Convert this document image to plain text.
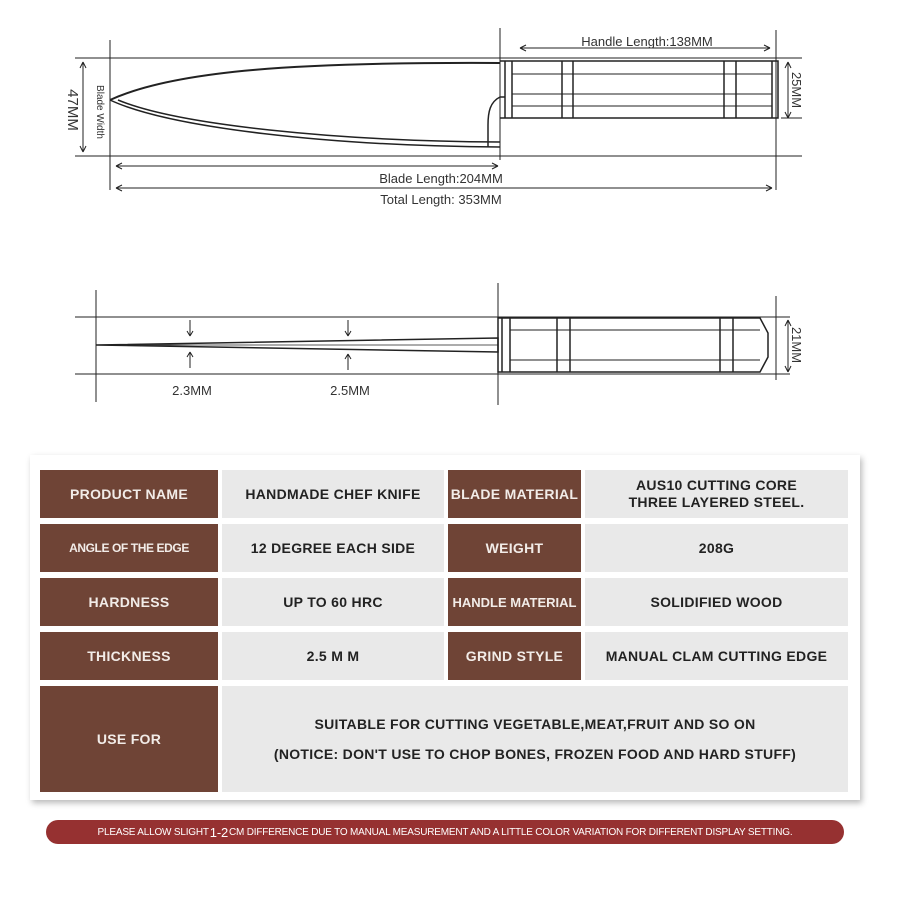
Handle Length:138MM
Blade Length:204MM
Total Length: 353MM
47MM Blade Width	25MM
21MM
2.3MM	2.5MM
PRODUCT NAME	HANDMADE CHEF KNIFE	BLADE MATERIAL
AUS10 CUTTING CORE
THREE LAYERED STEEL.
ANGLE OF THE EDGE	12 DEGREE EACH SIDE	WEIGHT	208G
HARDNESS	UP TO 60 HRC	HANDLE MATERIAL	SOLIDIFIED WOOD
THICKNESS	2.5 M M	GRIND STYLE	MANUAL CLAM CUTTING EDGE
USE FOR
SUITABLE FOR CUTTING VEGETABLE,MEAT,FRUIT AND SO ON
(NOTICE: DON'T USE TO CHOP BONES, FROZEN FOOD AND HARD STUFF)
PLEASE ALLOW SLIGHT 1-2 CM DIFFERENCE DUE TO MANUAL MEASUREMENT AND A LITTLE COLOR VARIATION FOR DIFFERENT DISPLAY SETTING.
